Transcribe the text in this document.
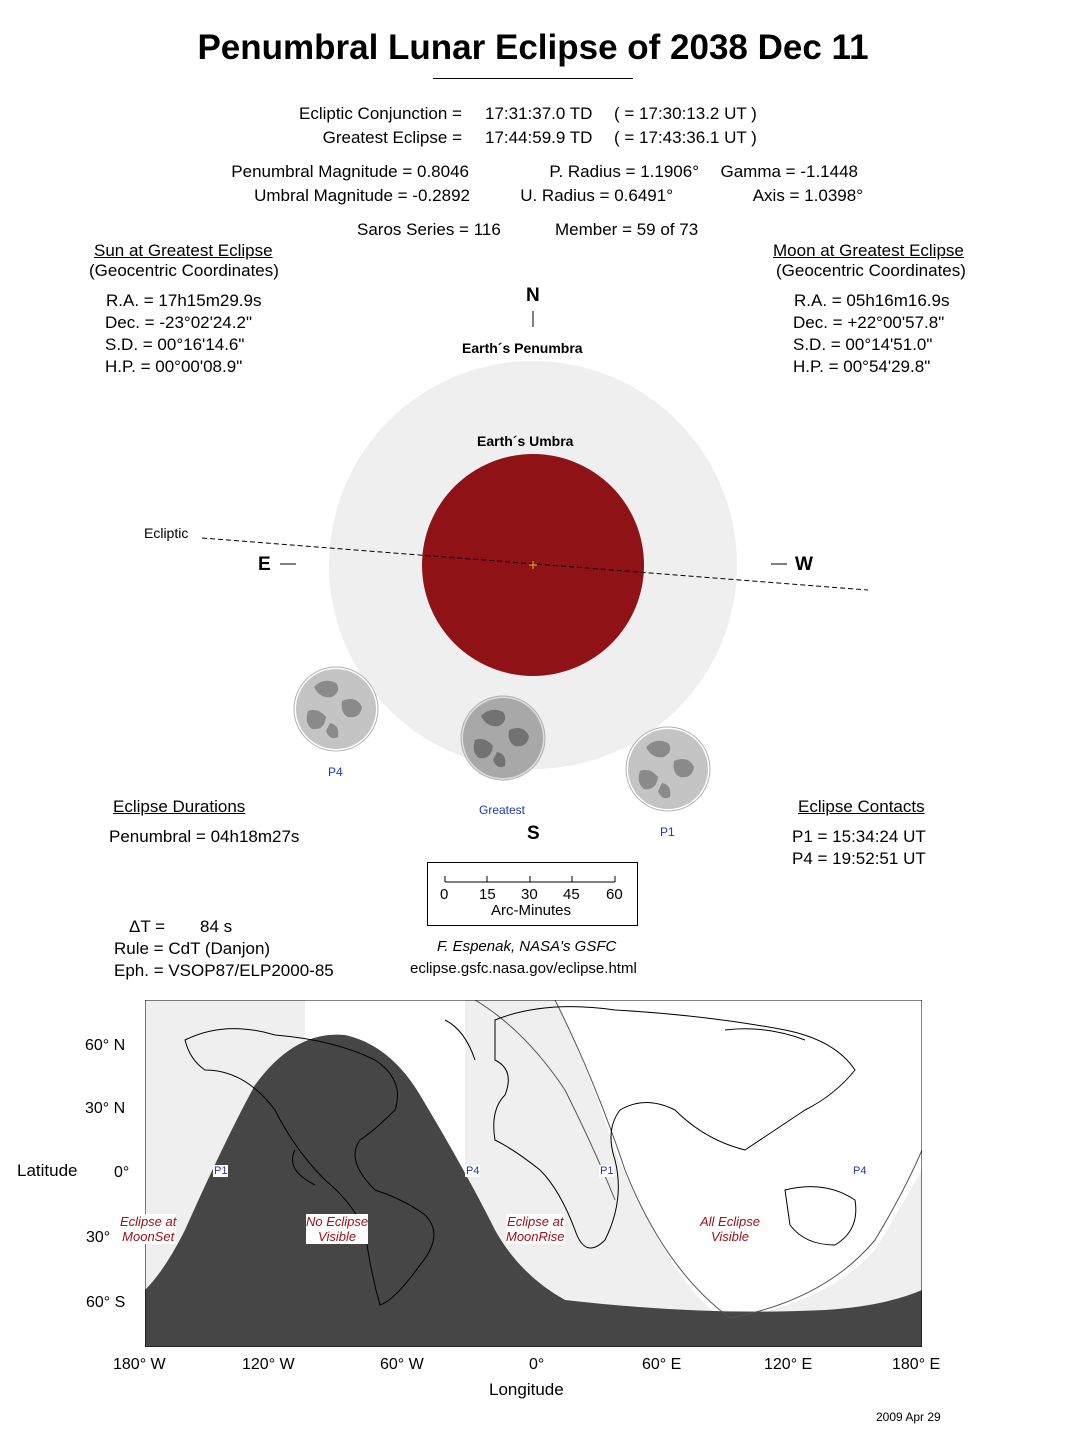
Penumbral Lunar Eclipse of 2038 Dec 11
Ecliptic Conjunction = 17:31:37.0 TD ( = 17:30:13.2 UT )
Greatest Eclipse = 17:44:59.9 TD ( = 17:43:36.1 UT )
Penumbral Magnitude = 0.8046
Umbral Magnitude = -0.2892
P. Radius = 1.1906°
U. Radius = 0.6491°
Gamma = -1.1448
Axis = 1.0398°
Saros Series = 116	Member = 59 of 73
Sun at Greatest Eclipse
(Geocentric Coordinates)
R.A. = 17h15m29.9s
Dec. = -23°02'24.2"
S.D. = 00°16'14.6"
H.P. = 00°00'08.9"
Moon at Greatest Eclipse
(Geocentric Coordinates)
R.A. = 05h16m16.9s
Dec. = +22°00'57.8"
S.D. = 00°14'51.0"
H.P. = 00°54'29.8"
N
Earth´s Penumbra
Earth´s Umbra
Ecliptic
E	W
P4
Greatest
P1
S
Eclipse Durations
Penumbral = 04h18m27s
Eclipse Contacts
P1 = 15:34:24 UT
P4 = 19:52:51 UT
0 15 30 45 60
Arc-Minutes
ΔT = 84 s
Rule = CdT (Danjon)
Eph. = VSOP87/ELP2000-85
F. Espenak, NASA's GSFC
eclipse.gsfc.nasa.gov/eclipse.html
Eclipse at
MoonSet
No Eclipse
Visible
Eclipse at
MoonRise
All Eclipse
Visible
P1	P4	P1	P4
Latitude
60° N
30° N
0°
30°
60° S
180° W	120° W	60° W	0°	60° E	120° E	180° E
Longitude
2009 Apr 29
